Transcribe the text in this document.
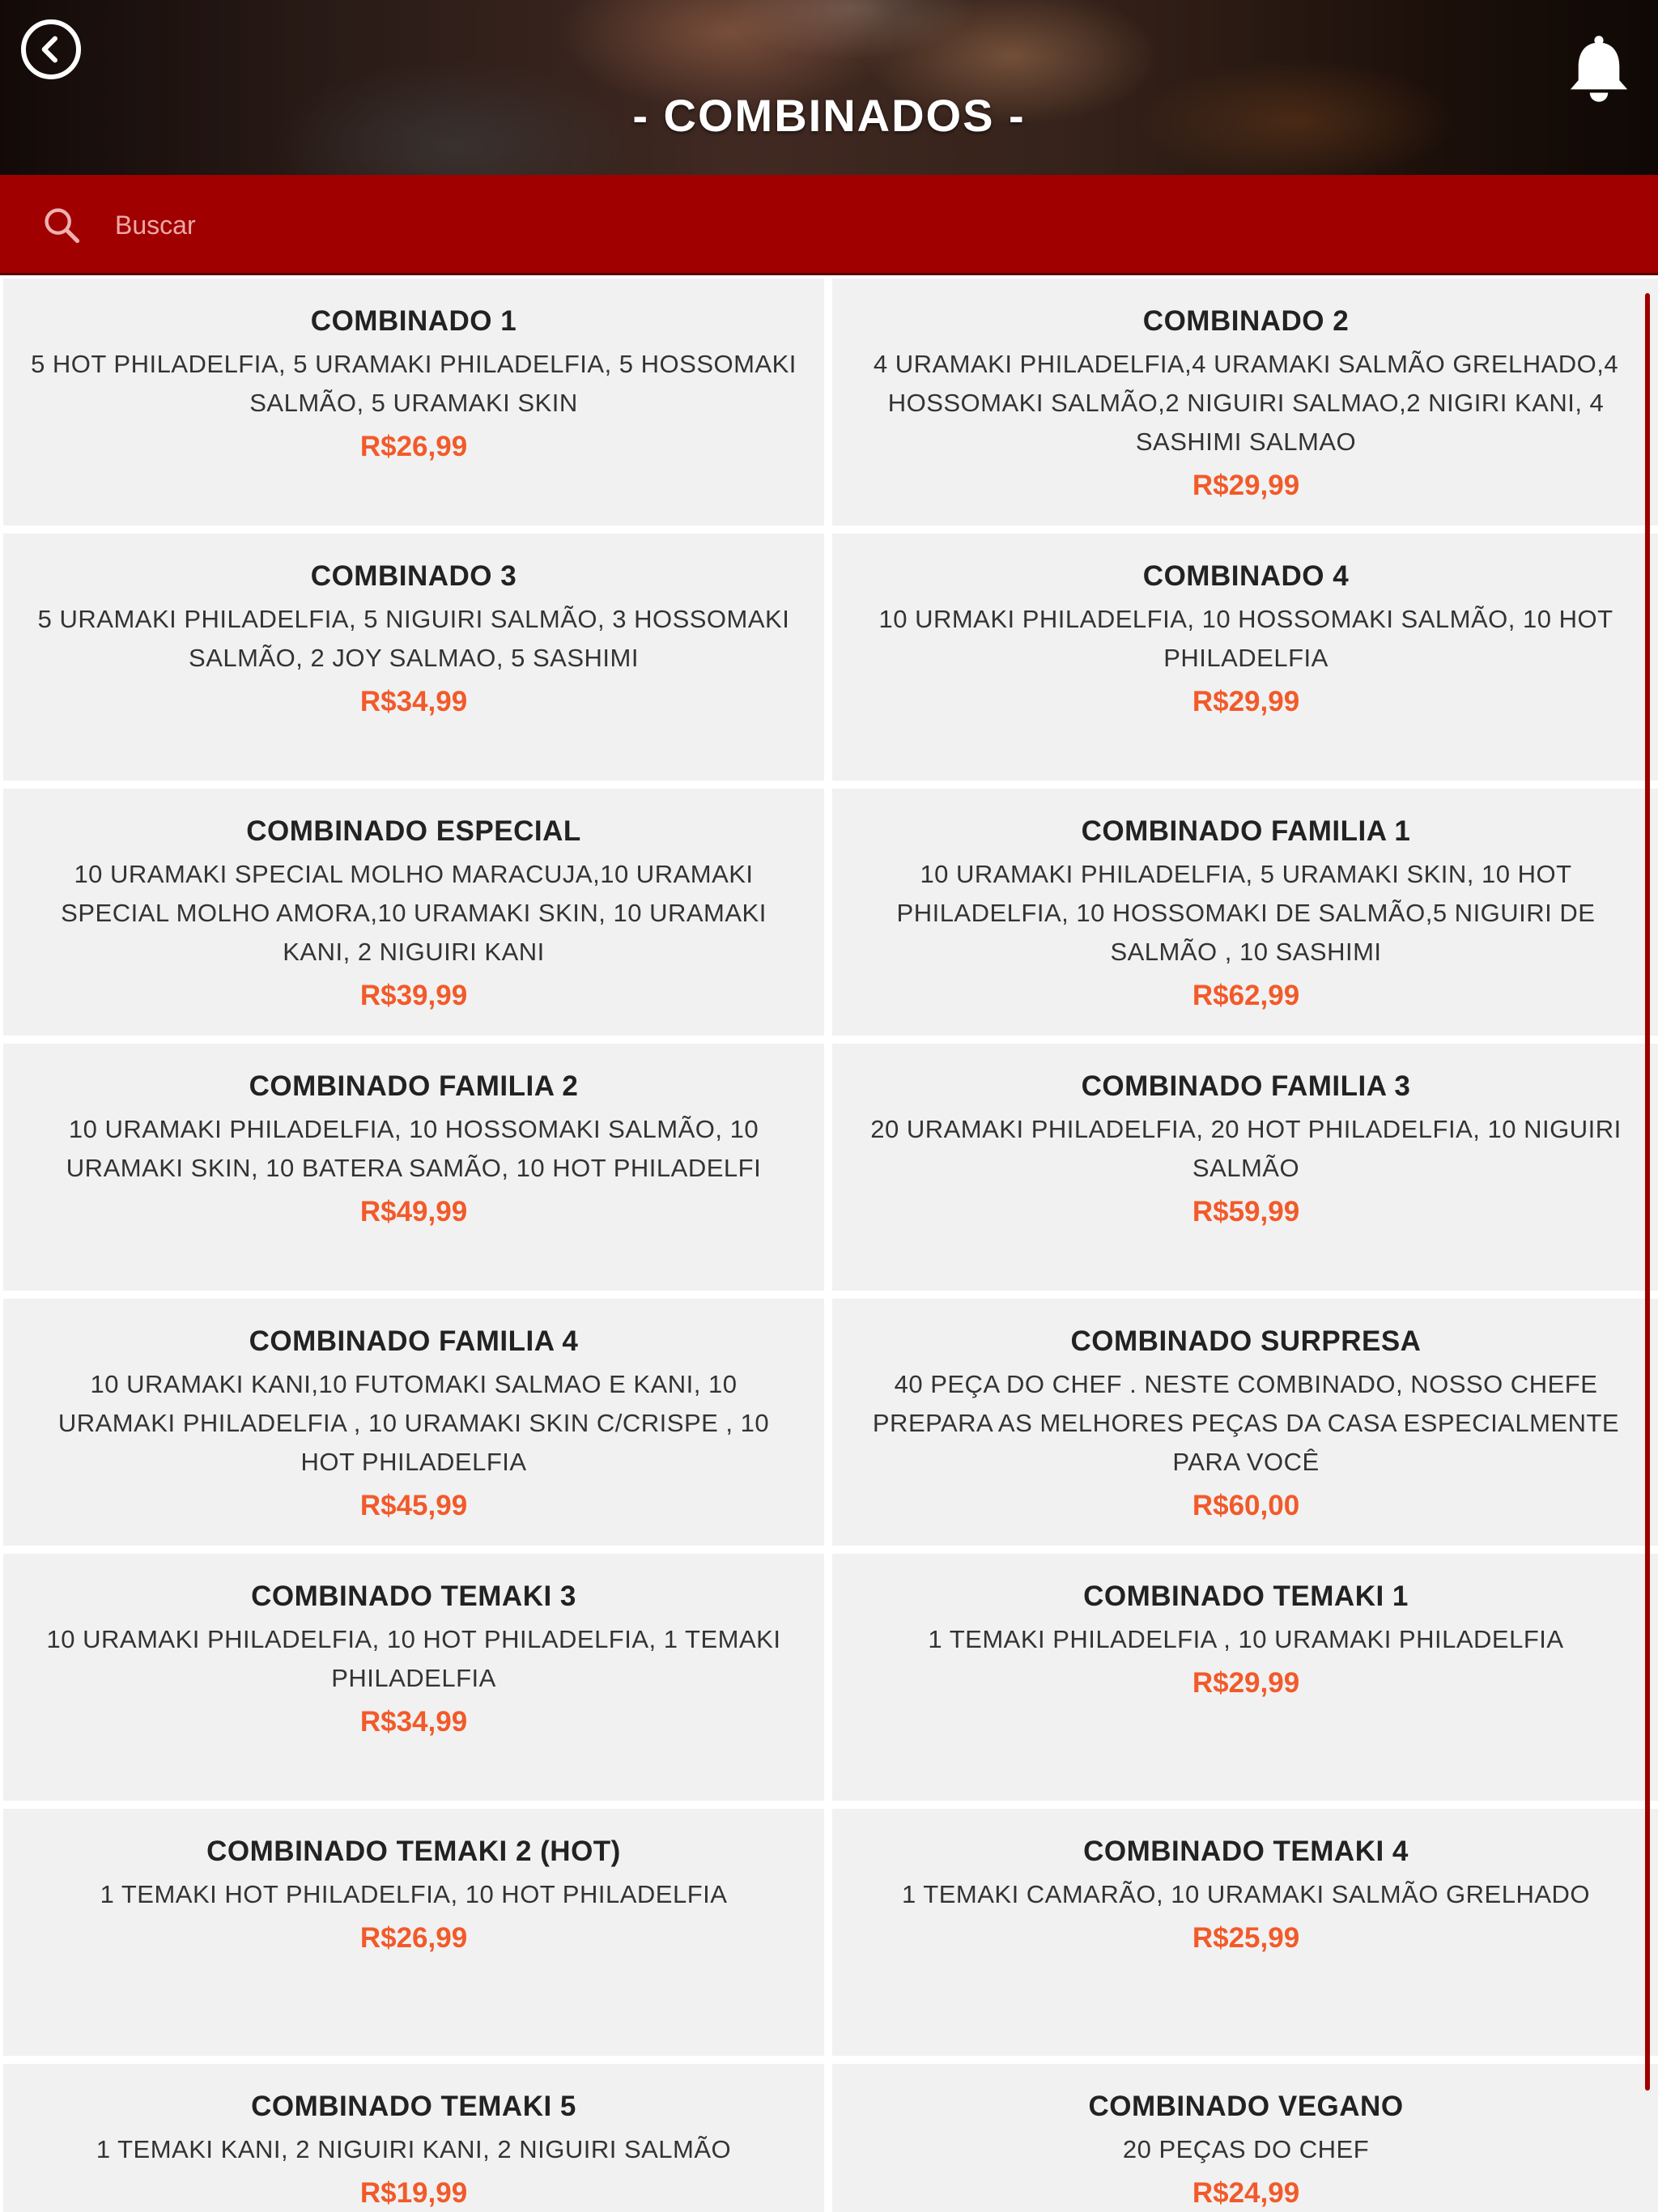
- COMBINADOS -
Buscar
COMBINADO 1
5 HOT PHILADELFIA, 5 URAMAKI PHILADELFIA, 5 HOSSOMAKI SALMÃO, 5 URAMAKI SKIN
R$26,99
COMBINADO 2
4 URAMAKI PHILADELFIA,4 URAMAKI SALMÃO GRELHADO,4 HOSSOMAKI SALMÃO,2 NIGUIRI SALMAO,2 NIGIRI KANI, 4 SASHIMI SALMAO
R$29,99
COMBINADO 3
5 URAMAKI PHILADELFIA, 5 NIGUIRI SALMÃO, 3 HOSSOMAKI SALMÃO, 2 JOY SALMAO, 5 SASHIMI
R$34,99
COMBINADO 4
10 URMAKI PHILADELFIA, 10 HOSSOMAKI SALMÃO, 10 HOT PHILADELFIA
R$29,99
COMBINADO ESPECIAL
10 URAMAKI SPECIAL MOLHO MARACUJA,10 URAMAKI SPECIAL MOLHO AMORA,10 URAMAKI SKIN, 10 URAMAKI KANI, 2 NIGUIRI KANI
R$39,99
COMBINADO FAMILIA 1
10 URAMAKI PHILADELFIA, 5 URAMAKI SKIN, 10 HOT PHILADELFIA, 10 HOSSOMAKI DE SALMÃO,5 NIGUIRI DE SALMÃO , 10 SASHIMI
R$62,99
COMBINADO FAMILIA 2
10 URAMAKI PHILADELFIA, 10 HOSSOMAKI SALMÃO, 10 URAMAKI SKIN, 10 BATERA SAMÃO, 10 HOT PHILADELFI
R$49,99
COMBINADO FAMILIA 3
20 URAMAKI PHILADELFIA, 20 HOT PHILADELFIA, 10 NIGUIRI SALMÃO
R$59,99
COMBINADO FAMILIA 4
10 URAMAKI KANI,10 FUTOMAKI SALMAO E KANI, 10 URAMAKI PHILADELFIA , 10 URAMAKI SKIN C/CRISPE , 10 HOT PHILADELFIA
R$45,99
COMBINADO SURPRESA
40 PEÇA DO CHEF . NESTE COMBINADO, NOSSO CHEFE PREPARA AS MELHORES PEÇAS DA CASA ESPECIALMENTE PARA VOCÊ
R$60,00
COMBINADO TEMAKI 3
10 URAMAKI PHILADELFIA, 10 HOT PHILADELFIA, 1 TEMAKI PHILADELFIA
R$34,99
COMBINADO TEMAKI 1
1 TEMAKI PHILADELFIA , 10 URAMAKI PHILADELFIA
R$29,99
COMBINADO TEMAKI 2 (HOT)
1 TEMAKI HOT PHILADELFIA, 10 HOT PHILADELFIA
R$26,99
COMBINADO TEMAKI 4
1 TEMAKI CAMARÃO, 10 URAMAKI SALMÃO GRELHADO
R$25,99
COMBINADO TEMAKI 5
1 TEMAKI KANI, 2 NIGUIRI KANI, 2 NIGUIRI SALMÃO
R$19,99
COMBINADO VEGANO
20 PEÇAS DO CHEF
R$24,99
